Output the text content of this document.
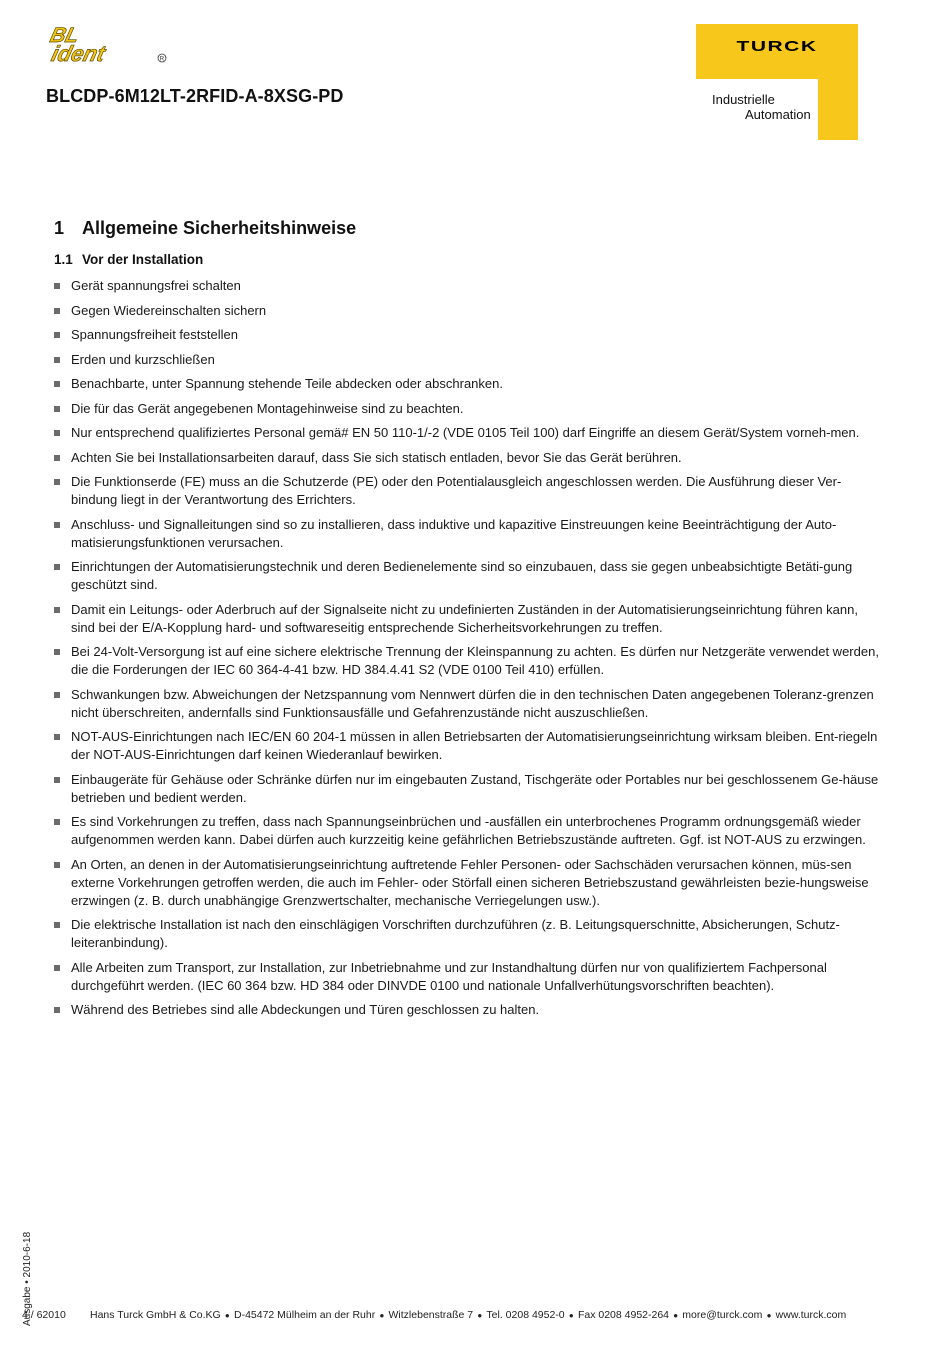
BL
ident	R
BLCDP-6M12LT-2RFID-A-8XSG-PD
TURCK
Industrielle
Automation
1 Allgemeine Sicherheitshinweise
1.1 Vor der Installation
Gerät spannungsfrei schalten
Gegen Wiedereinschalten sichern
Spannungsfreiheit feststellen
Erden und kurzschließen
Benachbarte, unter Spannung stehende Teile abdecken oder abschranken.
Die für das Gerät angegebenen Montagehinweise sind zu beachten.
Nur entsprechend qualifiziertes Personal gemä# EN 50 110-1/-2 (VDE 0105 Teil 100) darf Eingriffe an diesem Gerät/System vorneh-men.
Achten Sie bei Installationsarbeiten darauf, dass Sie sich statisch entladen, bevor Sie das Gerät berühren.
Die Funktionserde (FE) muss an die Schutzerde (PE) oder den Potentialausgleich angeschlossen werden. Die Ausführung dieser Ver-bindung liegt in der Verantwortung des Errichters.
Anschluss- und Signalleitungen sind so zu installieren, dass induktive und kapazitive Einstreuungen keine Beeinträchtigung der Auto-matisierungsfunktionen verursachen.
Einrichtungen der Automatisierungstechnik und deren Bedienelemente sind so einzubauen, dass sie gegen unbeabsichtigte Betäti-gung geschützt sind.
Damit ein Leitungs- oder Aderbruch auf der Signalseite nicht zu undefinierten Zuständen in der Automatisierungseinrichtung führen kann, sind bei der E/A-Kopplung hard- und softwareseitig entsprechende Sicherheitsvorkehrungen zu treffen.
Bei 24-Volt-Versorgung ist auf eine sichere elektrische Trennung der Kleinspannung zu achten. Es dürfen nur Netzgeräte verwendet werden, die die Forderungen der IEC 60 364-4-41 bzw. HD 384.4.41 S2 (VDE 0100 Teil 410) erfüllen.
Schwankungen bzw. Abweichungen der Netzspannung vom Nennwert dürfen die in den technischen Daten angegebenen Toleranz-grenzen nicht überschreiten, andernfalls sind Funktionsausfälle und Gefahrenzustände nicht auszuschließen.
NOT-AUS-Einrichtungen nach IEC/EN 60 204-1 müssen in allen Betriebsarten der Automatisierungseinrichtung wirksam bleiben. Ent-riegeln der NOT-AUS-Einrichtungen darf keinen Wiederanlauf bewirken.
Einbaugeräte für Gehäuse oder Schränke dürfen nur im eingebauten Zustand, Tischgeräte oder Portables nur bei geschlossenem Ge-häuse betrieben und bedient werden.
Es sind Vorkehrungen zu treffen, dass nach Spannungseinbrüchen und -ausfällen ein unterbrochenes Programm ordnungsgemäß wieder aufgenommen werden kann. Dabei dürfen auch kurzzeitig keine gefährlichen Betriebszustände auftreten. Ggf. ist NOT-AUS zu erzwingen.
An Orten, an denen in der Automatisierungseinrichtung auftretende Fehler Personen- oder Sachschäden verursachen können, müs-sen externe Vorkehrungen getroffen werden, die auch im Fehler- oder Störfall einen sicheren Betriebszustand gewährleisten bezie-hungsweise erzwingen (z. B. durch unabhängige Grenzwertschalter, mechanische Verriegelungen usw.).
Die elektrische Installation ist nach den einschlägigen Vorschriften durchzuführen (z. B. Leitungsquerschnitte, Absicherungen, Schutz-leiteranbindung).
Alle Arbeiten zum Transport, zur Installation, zur Inbetriebnahme und zur Instandhaltung dürfen nur von qualifiziertem Fachpersonal durchgeführt werden. (IEC 60 364 bzw. HD 384 oder DINVDE 0100 und nationale Unfallverhütungsvorschriften beachten).
Während des Betriebes sind alle Abdeckungen und Türen geschlossen zu halten.
Ausgabe • 2010-6-18
4 / 62010 Hans Turck GmbH & Co.KG ● D-45472 Mülheim an der Ruhr ● Witzlebenstraße 7 ● Tel. 0208 4952-0 ● Fax 0208 4952-264 ● more@turck.com ● www.turck.com
